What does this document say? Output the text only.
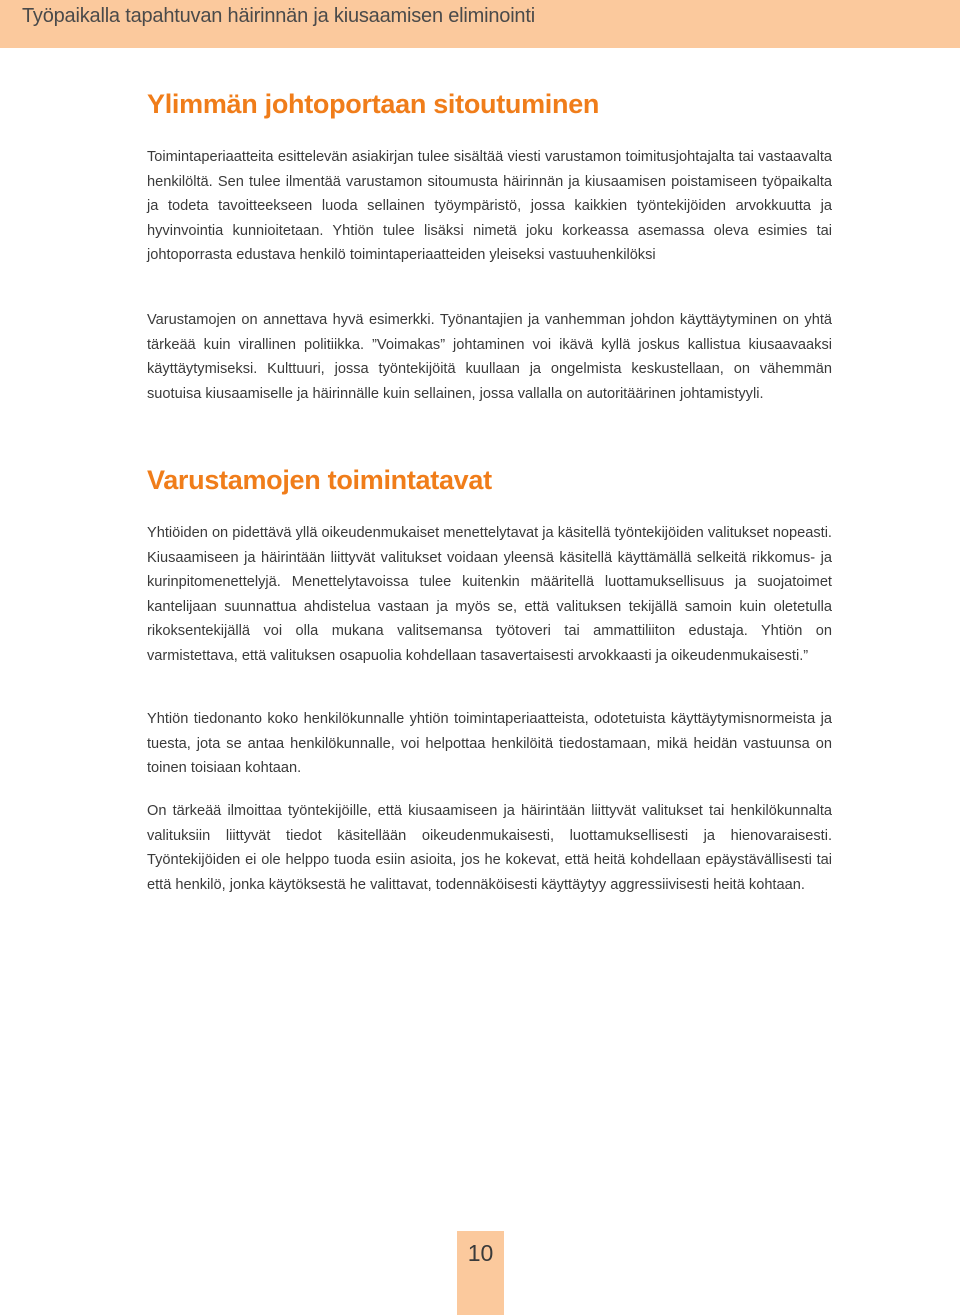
Työpaikalla tapahtuvan häirinnän ja kiusaamisen eliminointi
Ylimmän johtoportaan sitoutuminen

Toimintaperiaatteita esittelevän asiakirjan tulee sisältää viesti varustamon toimitusjohtajalta tai vastaavalta henkilöltä. Sen tulee ilmentää varustamon sitoumusta häirinnän ja kiusaamisen poistamiseen työpaikalta ja todeta tavoitteekseen luoda sellainen työympäristö, jossa kaikkien työntekijöiden arvokkuutta ja hyvinvointia kunnioitetaan. Yhtiön tulee lisäksi nimetä joku korkeassa asemassa oleva esimies tai johtoporrasta edustava henkilö toimintaperiaatteiden yleiseksi vastuuhenkilöksi

Varustamojen on annettava hyvä esimerkki. Työnantajien ja vanhemman johdon käyttäytyminen on yhtä tärkeää kuin virallinen politiikka. ”Voimakas” johtaminen voi ikävä kyllä joskus kallistua kiusaavaaksi käyttäytymiseksi. Kulttuuri, jossa työntekijöitä kuullaan ja ongelmista keskustellaan, on vähemmän suotuisa kiusaamiselle ja häirinnälle kuin sellainen, jossa vallalla on autoritäärinen johtamistyyli.

Varustamojen toimintatavat

Yhtiöiden on pidettävä yllä oikeudenmukaiset menettelytavat ja käsitellä työntekijöiden valitukset nopeasti. Kiusaamiseen ja häirintään liittyvät valitukset voidaan yleensä käsitellä käyttämällä selkeitä rikkomus- ja kurinpitomenettelyjä. Menettelytavoissa tulee kuitenkin määritellä luottamuksellisuus ja suojatoimet kantelijaan suunnattua ahdistelua vastaan ja myös se, että valituksen tekijällä samoin kuin oletetulla rikoksentekijällä voi olla mukana valitsemansa työtoveri tai ammattiliiton edustaja. Yhtiön on varmistettava, että valituksen osapuolia kohdellaan tasavertaisesti arvokkaasti ja oikeudenmukaisesti.”

Yhtiön tiedonanto koko henkilökunnalle yhtiön toimintaperiaatteista, odotetuista käyttäytymisnormeista ja tuesta, jota se antaa henkilökunnalle, voi helpottaa henkilöitä tiedostamaan, mikä heidän vastuunsa on toinen toisiaan kohtaan.

On tärkeää ilmoittaa työntekijöille, että kiusaamiseen ja häirintään liittyvät valitukset tai henkilökunnalta valituksiin liittyvät tiedot käsitellään oikeudenmukaisesti, luottamuksellisesti ja hienovaraisesti. Työntekijöiden ei ole helppo tuoda esiin asioita, jos he kokevat, että heitä kohdellaan epäystävällisesti tai että henkilö, jonka käytöksestä he valittavat, todennäköisesti käyttäytyy aggressiivisesti heitä kohtaan.

10
